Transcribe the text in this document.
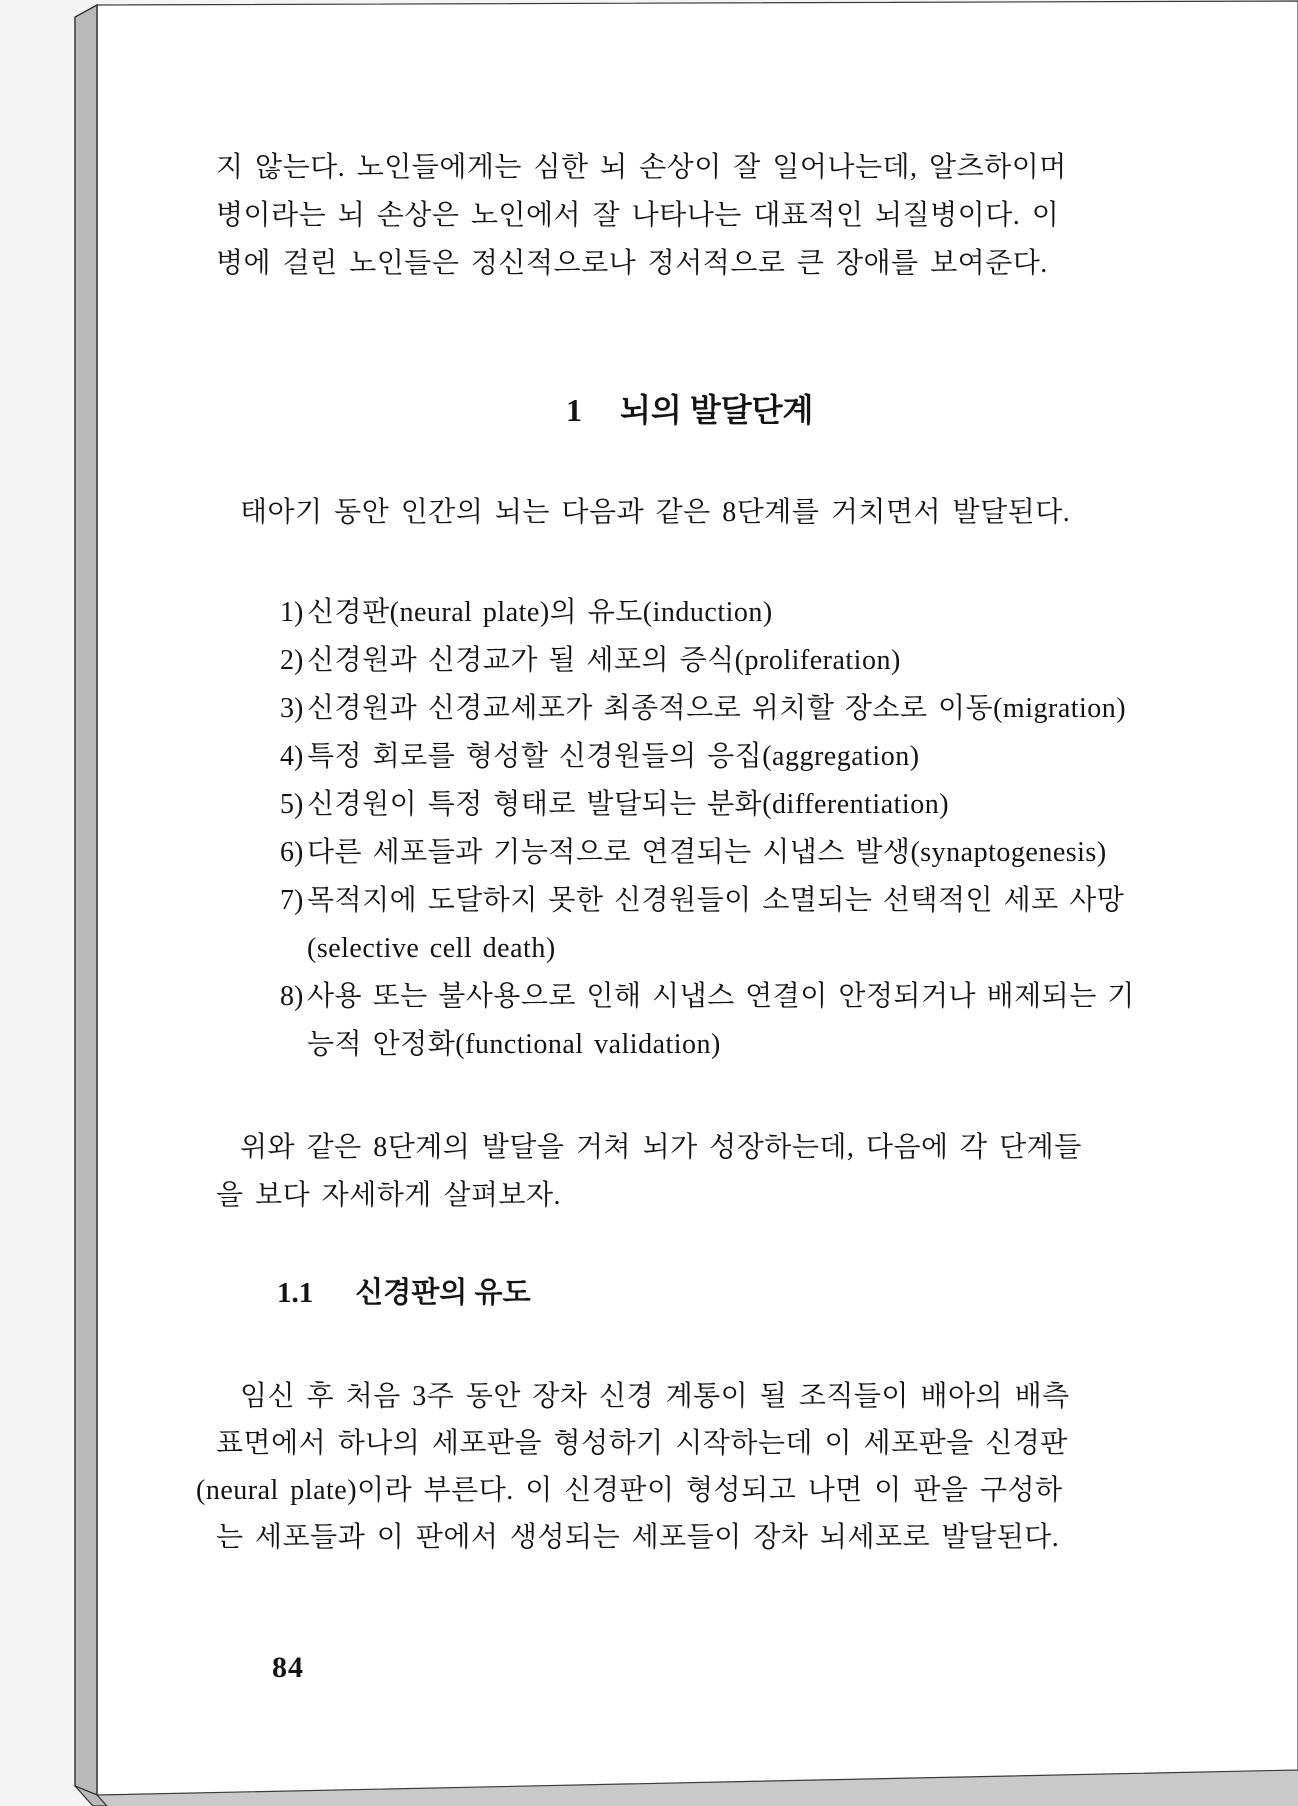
지 않는다. 노인들에게는 심한 뇌 손상이 잘 일어나는데, 알츠하이머
병이라는 뇌 손상은 노인에서 잘 나타나는 대표적인 뇌질병이다. 이
병에 걸린 노인들은 정신적으로나 정서적으로 큰 장애를 보여준다.
1 뇌의 발달단계
태아기 동안 인간의 뇌는 다음과 같은 8단계를 거치면서 발달된다.
1) 신경판(neural plate)의 유도(induction)
2) 신경원과 신경교가 될 세포의 증식(proliferation)
3) 신경원과 신경교세포가 최종적으로 위치할 장소로 이동(migration)
4) 특정 회로를 형성할 신경원들의 응집(aggregation)
5) 신경원이 특정 형태로 발달되는 분화(differentiation)
6) 다른 세포들과 기능적으로 연결되는 시냅스 발생(synaptogenesis)
7) 목적지에 도달하지 못한 신경원들이 소멸되는 선택적인 세포 사망
(selective cell death)
8) 사용 또는 불사용으로 인해 시냅스 연결이 안정되거나 배제되는 기
능적 안정화(functional validation)
위와 같은 8단계의 발달을 거쳐 뇌가 성장하는데, 다음에 각 단계들
을 보다 자세하게 살펴보자.
1.1 신경판의 유도
임신 후 처음 3주 동안 장차 신경 계통이 될 조직들이 배아의 배측
표면에서 하나의 세포판을 형성하기 시작하는데 이 세포판을 신경판
(neural plate)이라 부른다. 이 신경판이 형성되고 나면 이 판을 구성하
는 세포들과 이 판에서 생성되는 세포들이 장차 뇌세포로 발달된다.
84
